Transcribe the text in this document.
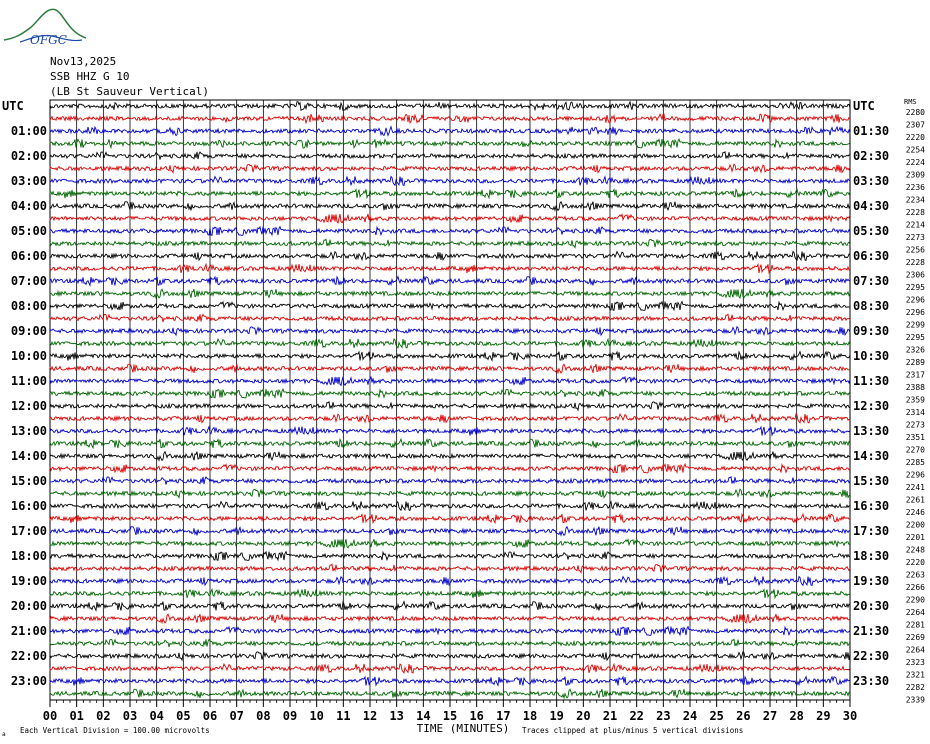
OFGC
Nov13,2025
SSB HHZ G 10
(LB St Sauveur Vertical)
00 01 02 03 04 05 06 07 08 09 10 11 12 13 14 15 16 17 18 19 20 21 22 23 24 25 26 27 28 29 30
2280
2307
2220
2254
2224
2309
2236
2234
2228
2214
2273
2256
2228
2306
2295
2296
2296
2299
2295
2326
2289
2317
2388
2359
2314
2273
2351
2270
2285
2296
2241
2261
2246
2200
2201
2248
2220
2263
2266
2290
2264
2281
2269
2264
2323
2321
2282
2339
UTC
01:00
02:00
03:00
04:00
05:00
06:00
07:00
08:00
09:00
10:00
11:00
12:00
13:00
14:00
15:00
16:00
17:00
18:00
19:00
20:00
21:00
22:00
23:00
UTC
01:30
02:30
03:30
04:30
05:30
06:30
07:30
08:30
09:30
10:30
11:30
12:30
13:30
14:30
15:30
16:30
17:30
18:30
19:30
20:30
21:30
22:30
23:30
RMS
TIME (MINUTES)
Each Vertical Division = 100.00 microvolts	Traces clipped at plus/minus 5 vertical divisions
a
